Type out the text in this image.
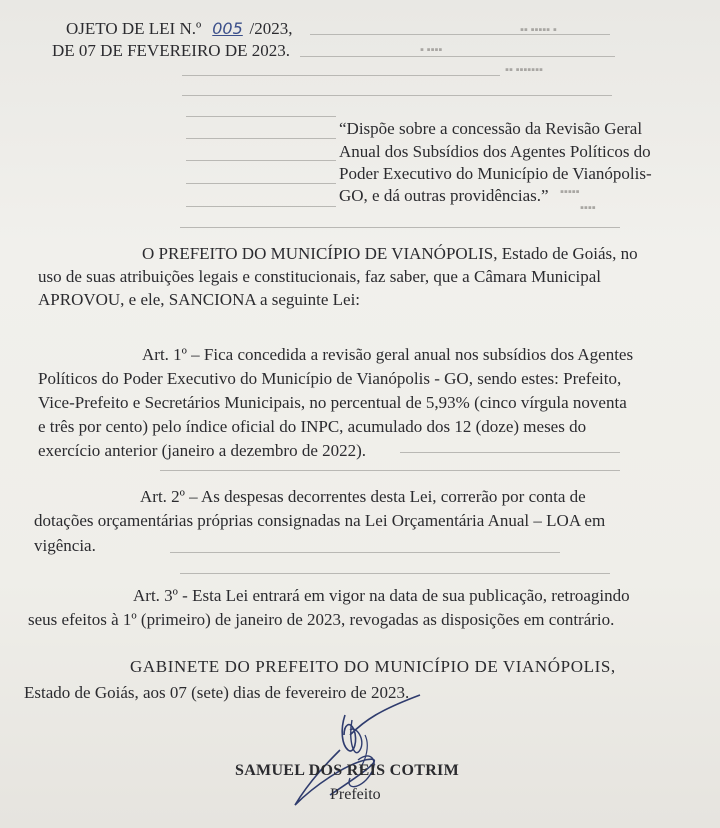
OJETO DE LEI N.º 005 /2023,
DE 07 DE FEVEREIRO DE 2023.
▪ ▪▪▪▪▪ ▪▪
▪▪▪▪ ▪
▪▪▪▪▪▪▪ ▪▪
▪▪▪▪▪
▪▪▪▪
“Dispõe sobre a concessão da Revisão Geral
Anual dos Subsídios dos Agentes Políticos do
Poder Executivo do Município de Vianópolis-
GO, e dá outras providências.”
O PREFEITO DO MUNICÍPIO DE VIANÓPOLIS, Estado de Goiás, no
uso de suas atribuições legais e constitucionais, faz saber, que a Câmara Municipal
APROVOU, e ele, SANCIONA a seguinte Lei:
Art. 1º – Fica concedida a revisão geral anual nos subsídios dos Agentes
Políticos do Poder Executivo do Município de Vianópolis - GO, sendo estes: Prefeito,
Vice-Prefeito e Secretários Municipais, no percentual de 5,93% (cinco vírgula noventa
e três por cento) pelo índice oficial do INPC, acumulado dos 12 (doze) meses do
exercício anterior (janeiro a dezembro de 2022).
Art. 2º – As despesas decorrentes desta Lei, correrão por conta de
dotações orçamentárias próprias consignadas na Lei Orçamentária Anual – LOA em
vigência.
Art. 3º - Esta Lei entrará em vigor na data de sua publicação, retroagindo
seus efeitos à 1º (primeiro) de janeiro de 2023, revogadas as disposições em contrário.
GABINETE DO PREFEITO DO MUNICÍPIO DE VIANÓPOLIS,
Estado de Goiás, aos 07 (sete) dias de fevereiro de 2023.
SAMUEL DOS REIS COTRIM
Prefeito
